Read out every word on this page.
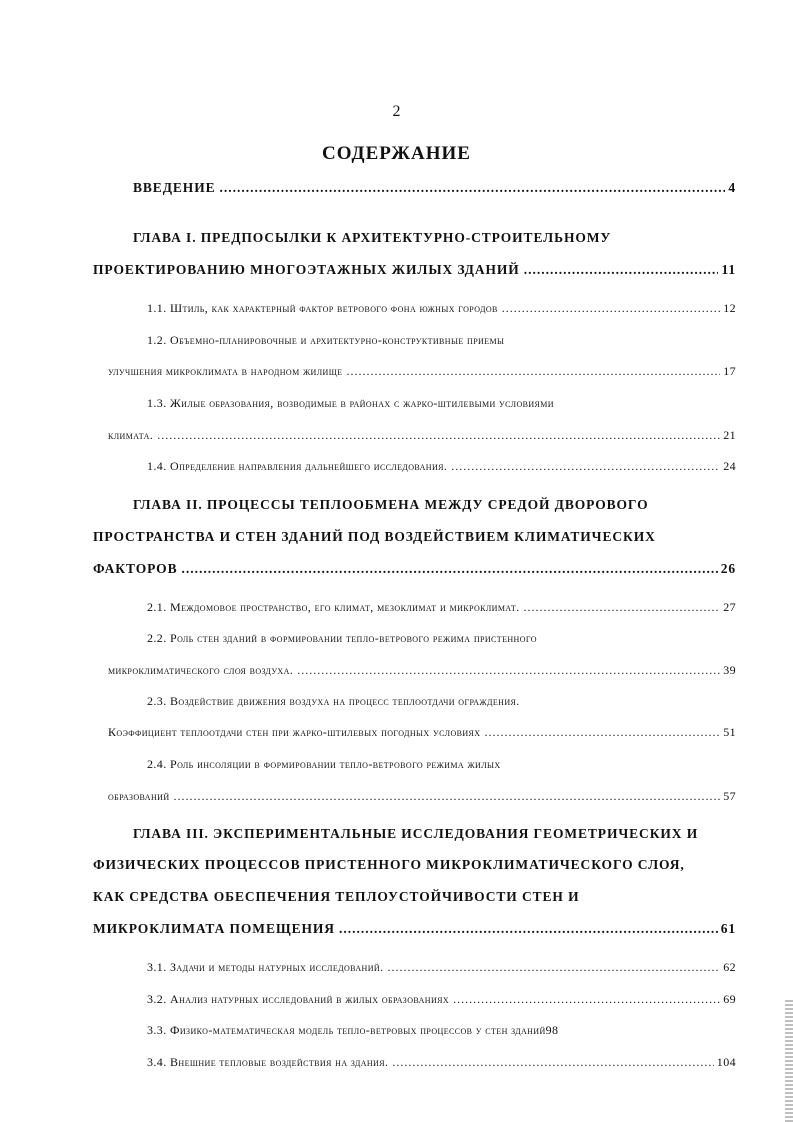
2
СОДЕРЖАНИЕ
ВВЕДЕНИЕ .....	4
ГЛАВА I. ПРЕДПОСЫЛКИ К АРХИТЕКТУРНО-СТРОИТЕЛЬНОМУ
ПРОЕКТИРОВАНИЮ МНОГОЭТАЖНЫХ ЖИЛЫХ ЗДАНИЙ .....	11
1.1. Штиль, как характерный фактор ветрового фона южных городов .....	12
1.2. Объемно-планировочные и архитектурно-конструктивные приемы
улучшения микроклимата в народном жилище .....	17
1.3. Жилые образования, возводимые в районах с жарко-штилевыми условиями
климата. .....	21
1.4. Определение направления дальнейшего исследования. .....	24
ГЛАВА II. ПРОЦЕССЫ ТЕПЛООБМЕНА МЕЖДУ СРЕДОЙ ДВОРОВОГО
ПРОСТРАНСТВА И СТЕН ЗДАНИЙ ПОД ВОЗДЕЙСТВИЕМ КЛИМАТИЧЕСКИХ
ФАКТОРОВ .....	26
2.1. Междомовое пространство, его климат, мезоклимат и микроклимат. .....	27
2.2. Роль стен зданий в формировании тепло-ветрового режима пристенного
микроклиматического слоя воздуха. .....	39
2.3. Воздействие движения воздуха на процесс теплоотдачи ограждения.
Коэффициент теплоотдачи стен при жарко-штилевых погодных условиях .....	51
2.4. Роль инсоляции в формировании тепло-ветрового режима жилых
образований .....	57
ГЛАВА III. ЭКСПЕРИМЕНТАЛЬНЫЕ ИССЛЕДОВАНИЯ ГЕОМЕТРИЧЕСКИХ И
ФИЗИЧЕСКИХ ПРОЦЕССОВ ПРИСТЕННОГО МИКРОКЛИМАТИЧЕСКОГО СЛОЯ,
КАК СРЕДСТВА ОБЕСПЕЧЕНИЯ ТЕПЛОУСТОЙЧИВОСТИ СТЕН И
МИКРОКЛИМАТА ПОМЕЩЕНИЯ .....	61
3.1. Задачи и методы натурных исследований. .....	62
3.2. Анализ натурных исследований в жилых образованиях .....	69
3.3. Физико-математическая модель тепло-ветровых процессов у стен зданий 98
3.4. Внешние тепловые воздействия на здания. .....	104
